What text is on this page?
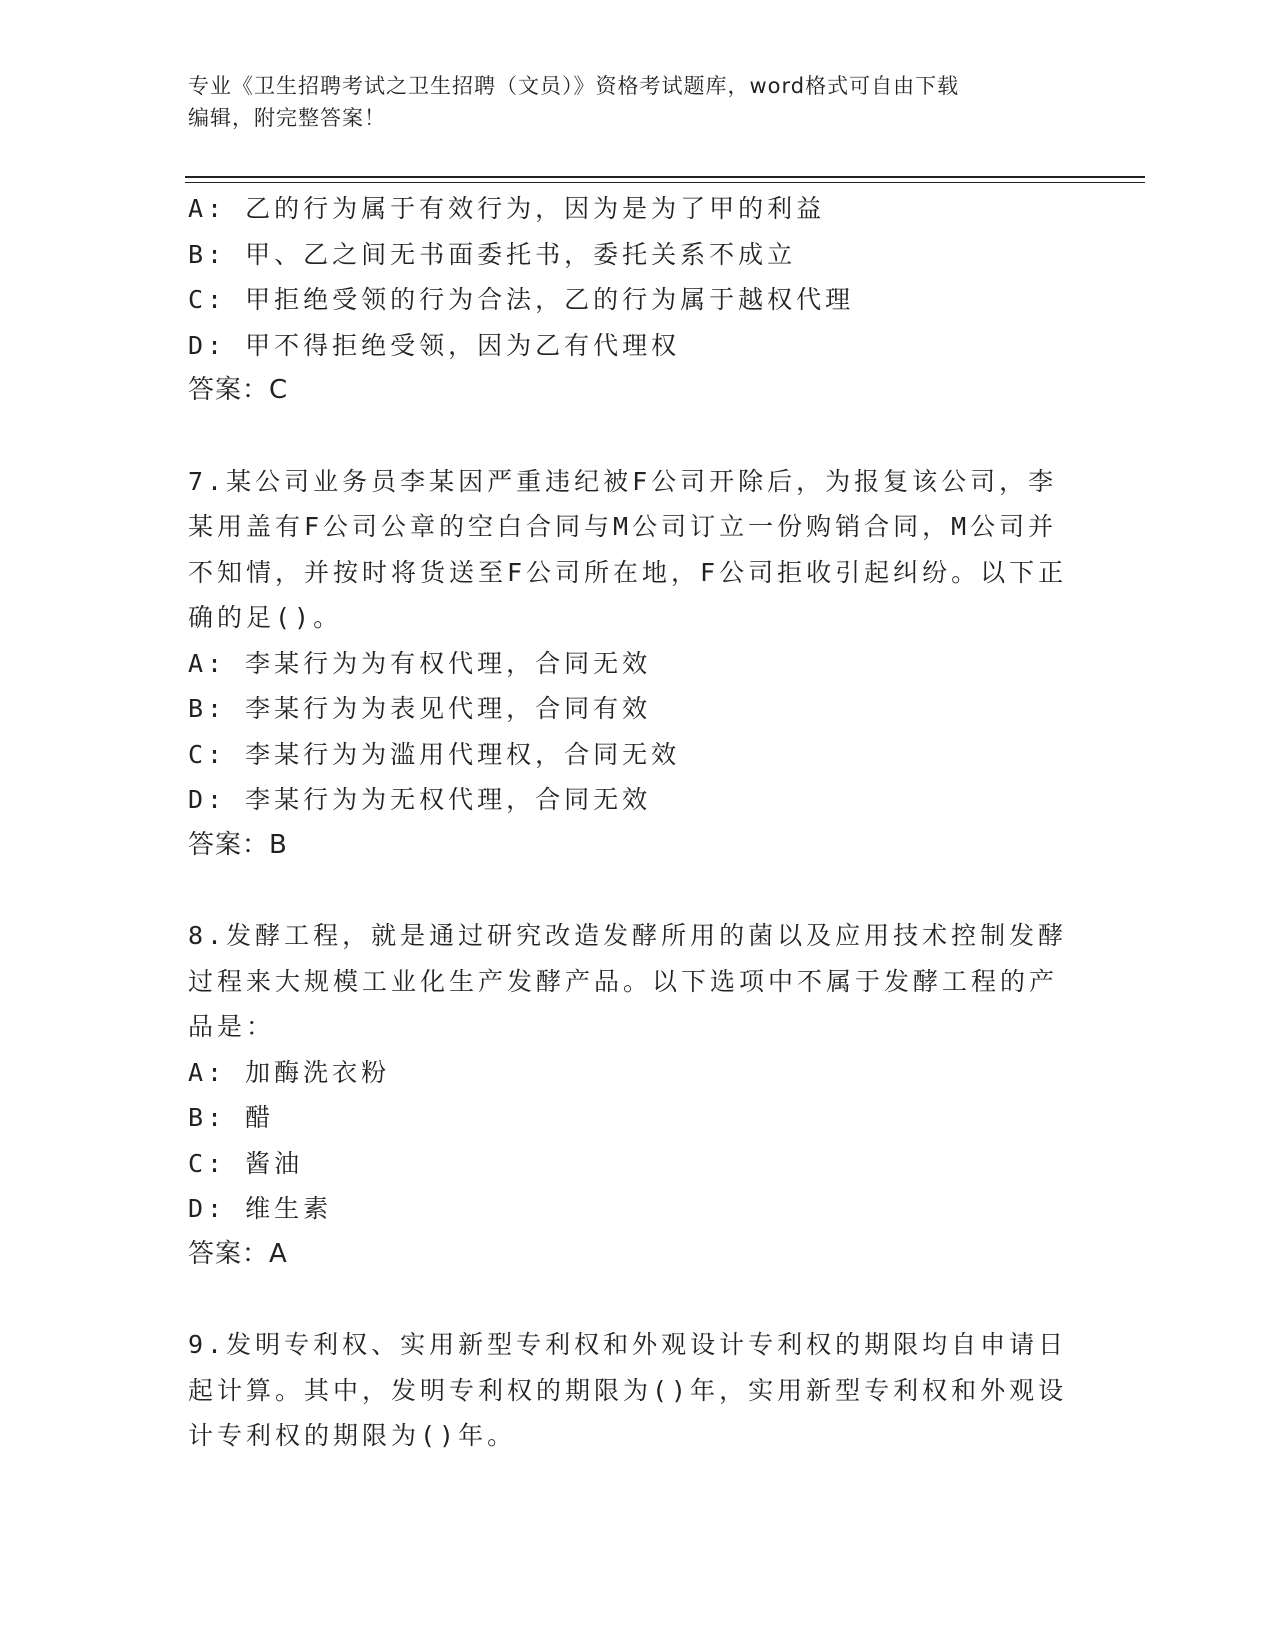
专业《卫生招聘考试之卫生招聘（文员）》资格考试题库，word格式可自由下载
编辑，附完整答案！

A: 乙的行为属于有效行为，因为是为了甲的利益

B: 甲、乙之间无书面委托书，委托关系不成立

C: 甲拒绝受领的行为合法，乙的行为属于越权代理

D: 甲不得拒绝受领，因为乙有代理权

答案：C

7.某公司业务员李某因严重违纪被F公司开除后，为报复该公司，李

某用盖有F公司公章的空白合同与M公司订立一份购销合同，M公司并

不知情，并按时将货送至F公司所在地，F公司拒收引起纠纷。以下正

确的足()。

A: 李某行为为有权代理，合同无效

B: 李某行为为表见代理，合同有效

C: 李某行为为滥用代理权，合同无效

D: 李某行为为无权代理，合同无效

答案：B

8.发酵工程，就是通过研究改造发酵所用的菌以及应用技术控制发酵

过程来大规模工业化生产发酵产品。以下选项中不属于发酵工程的产

品是：

A: 加酶洗衣粉

B: 醋

C: 酱油

D: 维生素

答案：A

9.发明专利权、实用新型专利权和外观设计专利权的期限均自申请日

起计算。其中，发明专利权的期限为()年，实用新型专利权和外观设

计专利权的期限为()年。
